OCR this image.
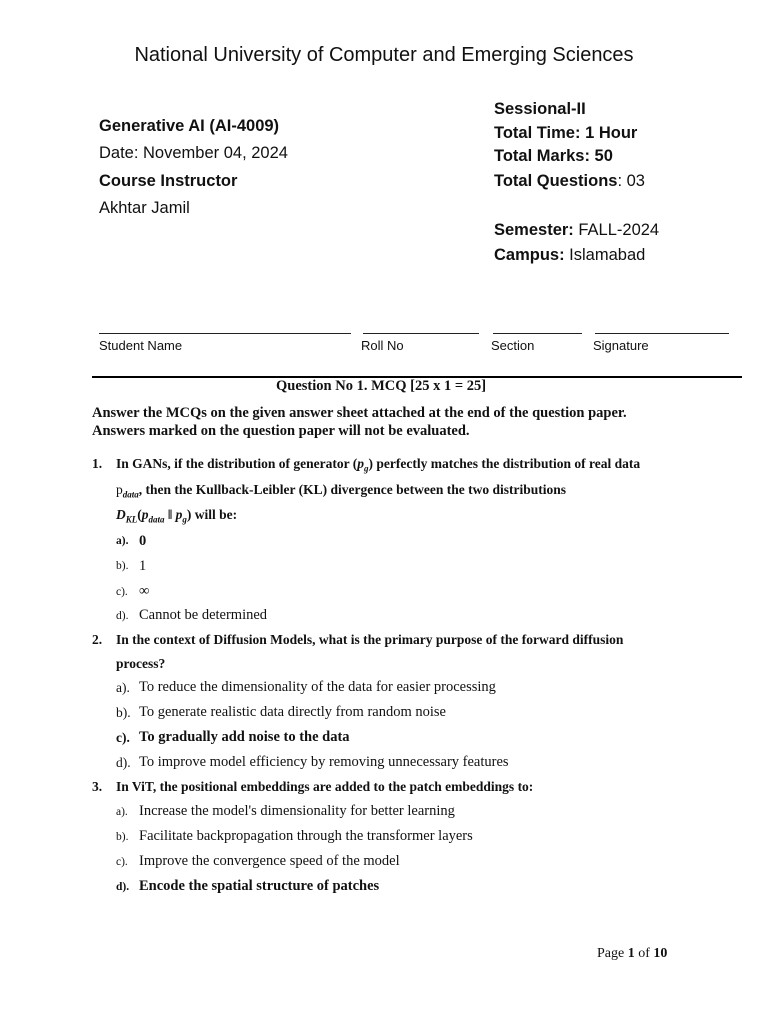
National University of Computer and Emerging Sciences
Generative AI (AI-4009)
Date: November 04, 2024
Course Instructor
Akhtar Jamil
Sessional-II
Total Time: 1 Hour
Total Marks: 50
Total Questions: 03
Semester: FALL-2024
Campus: Islamabad
Student Name	Roll No	Section	Signature
Question No 1. MCQ [25 x 1 = 25]
Answer the MCQs on the given answer sheet attached at the end of the question paper.
Answers marked on the question paper will not be evaluated.
1. In GANs, if the distribution of generator $(p_g)$ perfectly matches the distribution of real data
$p_{data}$, then the Kullback-Leibler (KL) divergence between the two distributions
$D_{KL}(p_{data}$ ‖ $p_g$) will be:
a). 0
b). 1
c). ∞
d). Cannot be determined
2. In the context of Diffusion Models, what is the primary purpose of the forward diffusion
process?
a). To reduce the dimensionality of the data for easier processing
b). To generate realistic data directly from random noise
c). To gradually add noise to the data
d). To improve model efficiency by removing unnecessary features
3. In ViT, the positional embeddings are added to the patch embeddings to:
a). Increase the model's dimensionality for better learning
b). Facilitate backpropagation through the transformer layers
c). Improve the convergence speed of the model
d). Encode the spatial structure of patches
Page 1 of 10
